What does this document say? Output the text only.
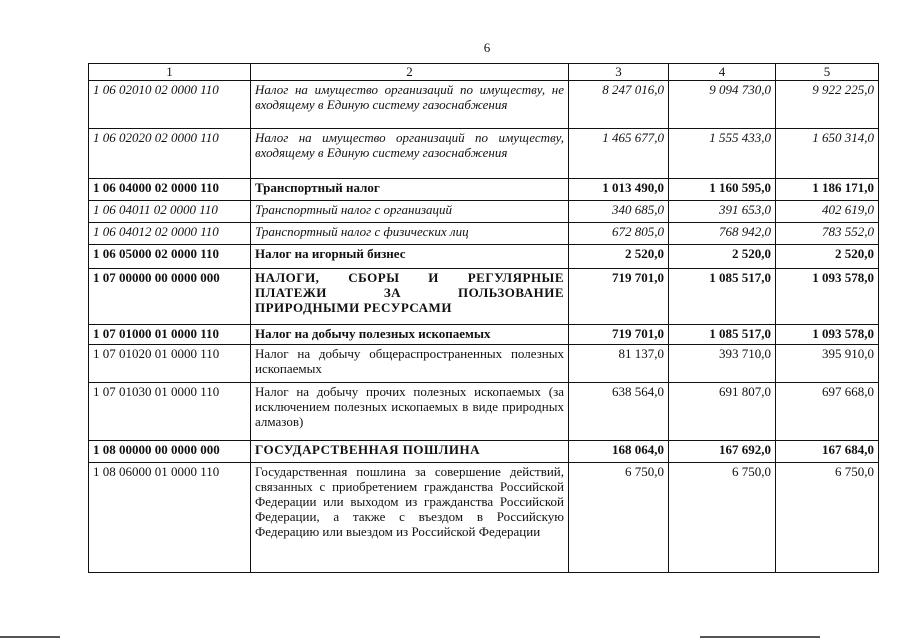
6
1	2	3	4	5
1 06 02010 02 0000 110	Налог на имущество организаций по имуществу, не входящему в Единую систему газоснабжения	8 247 016,0	9 094 730,0	9 922 225,0
1 06 02020 02 0000 110	Налог на имущество организаций по имуществу, входящему в Единую систему газоснабжения	1 465 677,0	1 555 433,0	1 650 314,0
1 06 04000 02 0000 110	Транспортный налог	1 013 490,0	1 160 595,0	1 186 171,0
1 06 04011 02 0000 110	Транспортный налог с организаций	340 685,0	391 653,0	402 619,0
1 06 04012 02 0000 110	Транспортный налог с физических лиц	672 805,0	768 942,0	783 552,0
1 06 05000 02 0000 110	Налог на игорный бизнес	2 520,0	2 520,0	2 520,0
1 07 00000 00 0000 000	НАЛОГИ, СБОРЫ И РЕГУЛЯРНЫЕ ПЛАТЕЖИ ЗА ПОЛЬЗОВАНИЕ ПРИРОДНЫМИ РЕСУРСАМИ	719 701,0	1 085 517,0	1 093 578,0
1 07 01000 01 0000 110	Налог на добычу полезных ископаемых	719 701,0	1 085 517,0	1 093 578,0
1 07 01020 01 0000 110	Налог на добычу общераспространенных полезных ископаемых	81 137,0	393 710,0	395 910,0
1 07 01030 01 0000 110	Налог на добычу прочих полезных ископаемых (за исключением полезных ископаемых в виде природных алмазов)	638 564,0	691 807,0	697 668,0
1 08 00000 00 0000 000	ГОСУДАРСТВЕННАЯ ПОШЛИНА	168 064,0	167 692,0	167 684,0
1 08 06000 01 0000 110	Государственная пошлина за совершение действий, связанных с приобретением гражданства Российской Федерации или выходом из гражданства Российской Федерации, а также с въездом в Российскую Федерацию или выездом из Российской Федерации	6 750,0	6 750,0	6 750,0
